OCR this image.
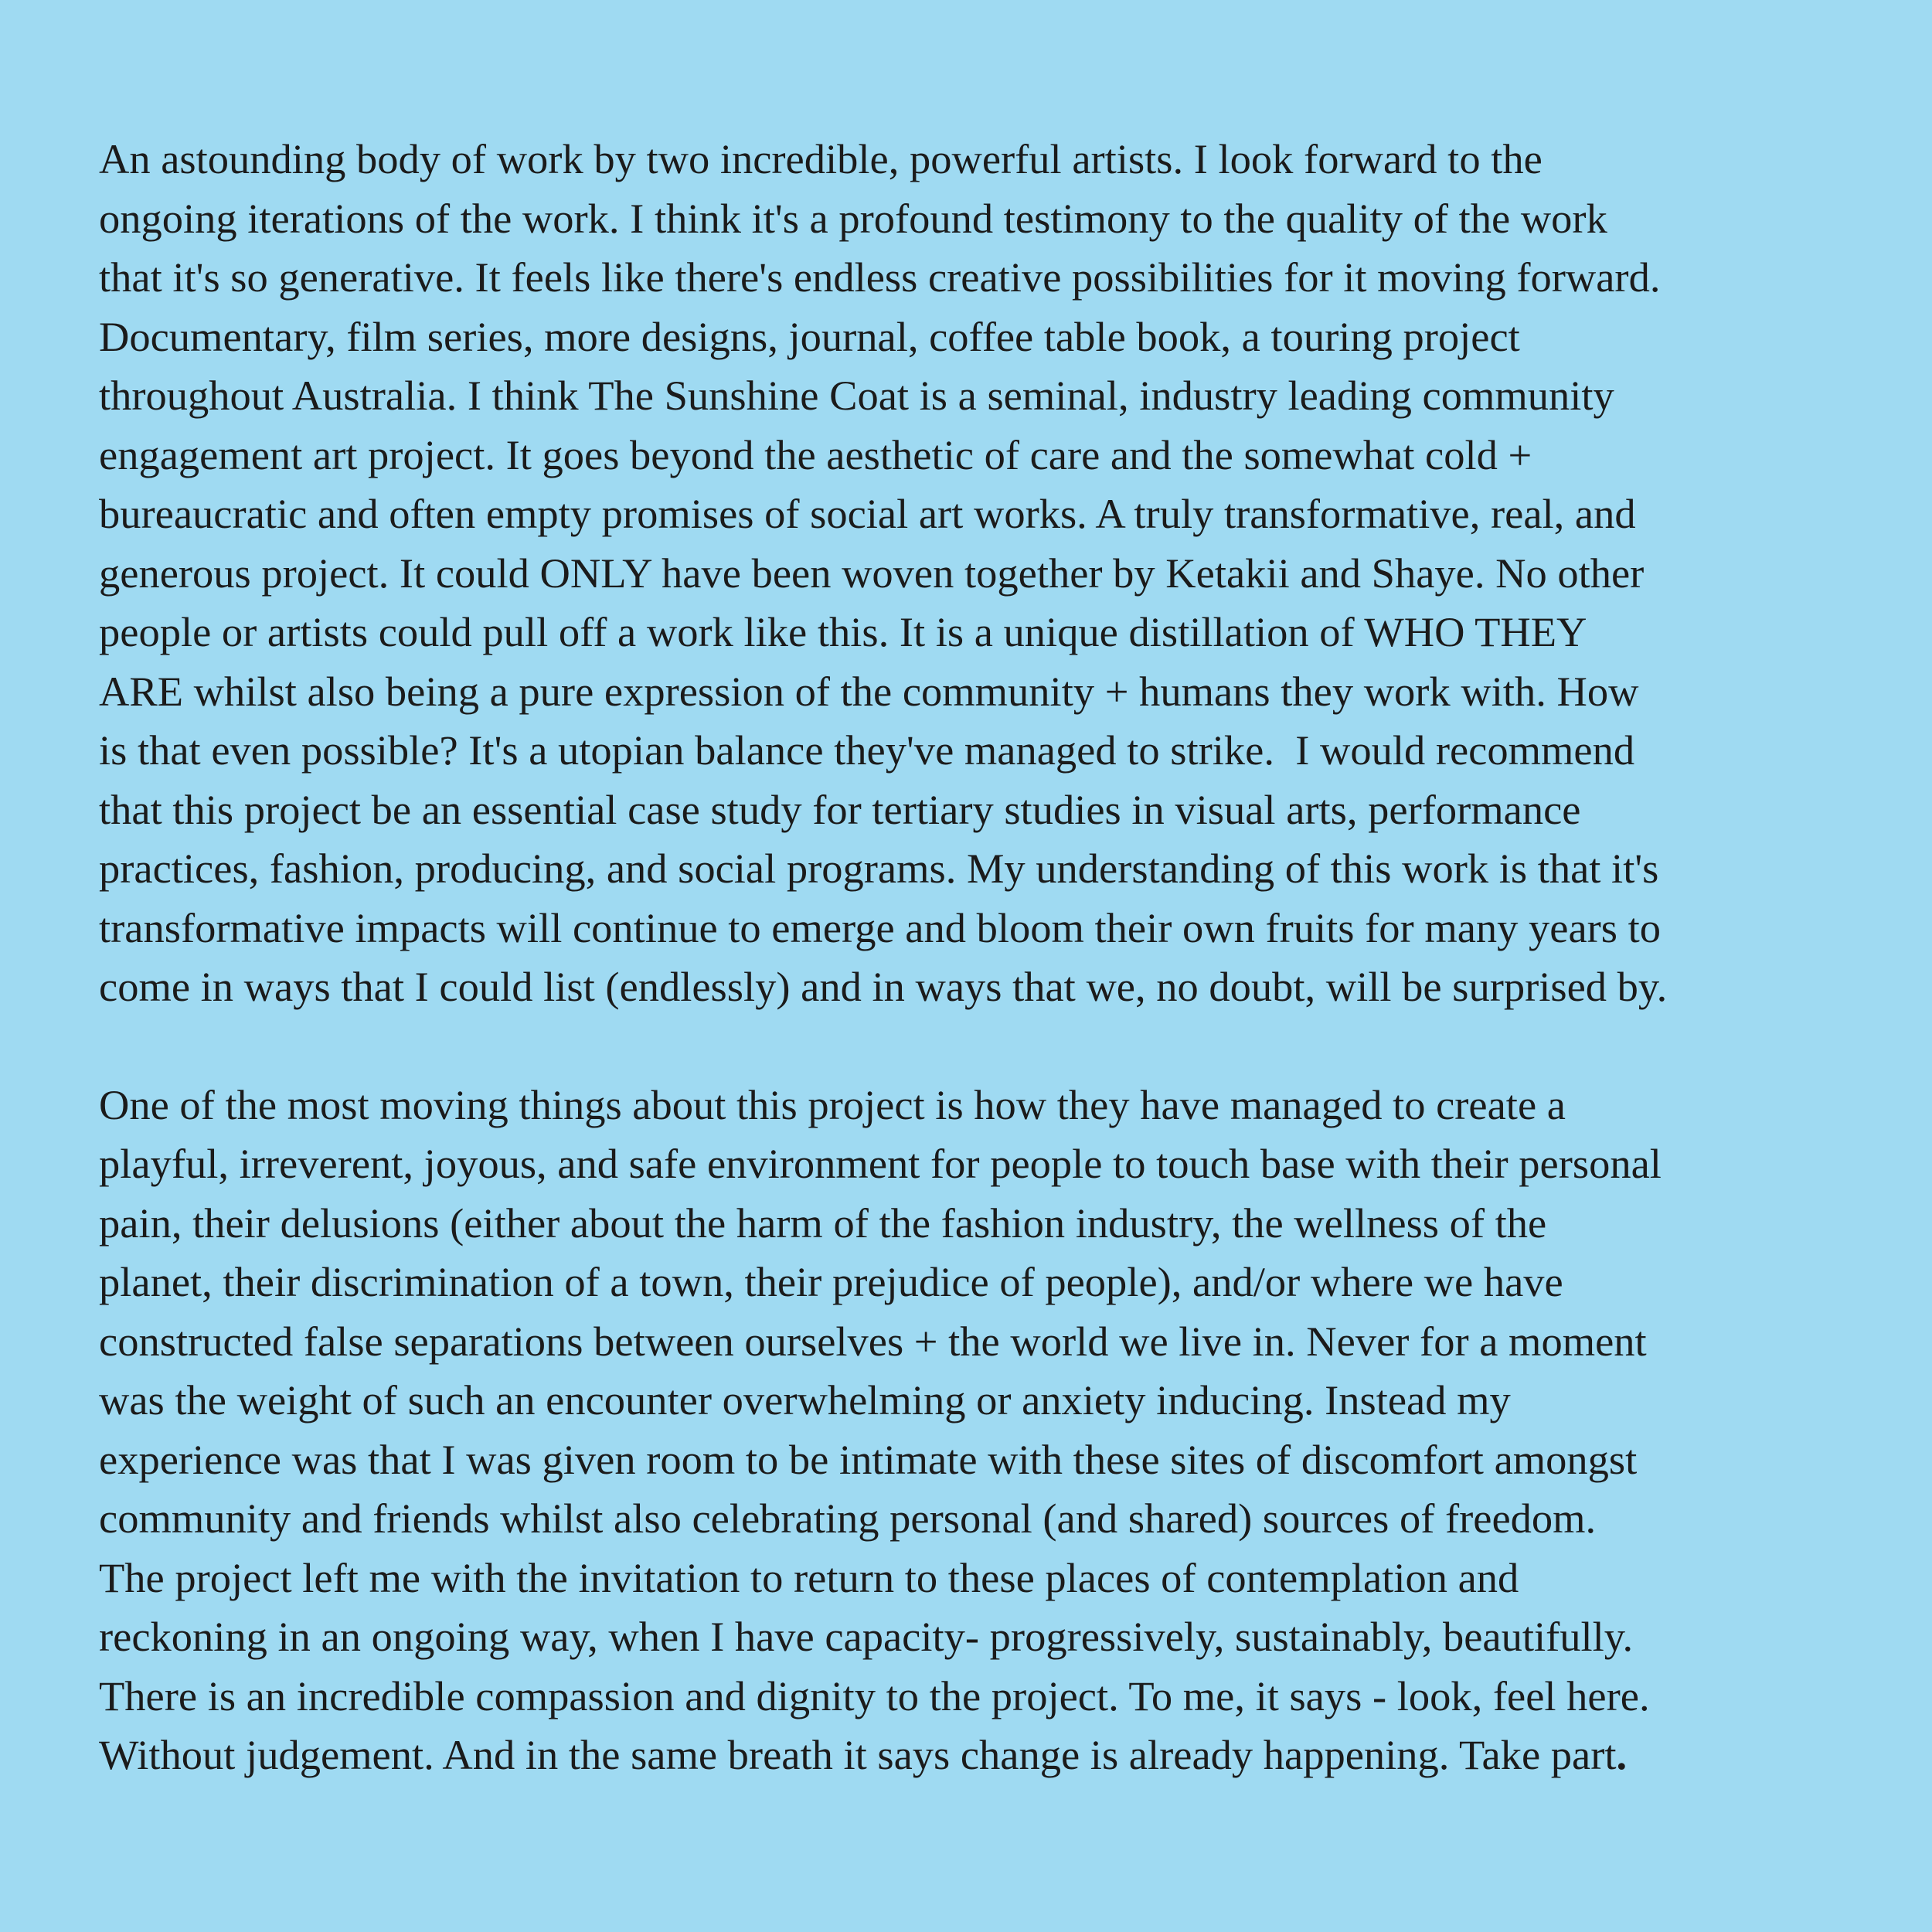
An astounding body of work by two incredible, powerful artists. I look forward to the
ongoing iterations of the work. I think it's a profound testimony to the quality of the work
that it's so generative. It feels like there's endless creative possibilities for it moving forward.
Documentary, film series, more designs, journal, coffee table book, a touring project
throughout Australia. I think The Sunshine Coat is a seminal, industry leading community
engagement art project. It goes beyond the aesthetic of care and the somewhat cold +
bureaucratic and often empty promises of social art works. A truly transformative, real, and
generous project. It could ONLY have been woven together by Ketakii and Shaye. No other
people or artists could pull off a work like this. It is a unique distillation of WHO THEY
ARE whilst also being a pure expression of the community + humans they work with. How
is that even possible? It's a utopian balance they've managed to strike.  I would recommend
that this project be an essential case study for tertiary studies in visual arts, performance
practices, fashion, producing, and social programs. My understanding of this work is that it's
transformative impacts will continue to emerge and bloom their own fruits for many years to
come in ways that I could list (endlessly) and in ways that we, no doubt, will be surprised by.

One of the most moving things about this project is how they have managed to create a
playful, irreverent, joyous, and safe environment for people to touch base with their personal
pain, their delusions (either about the harm of the fashion industry, the wellness of the
planet, their discrimination of a town, their prejudice of people), and/or where we have
constructed false separations between ourselves + the world we live in. Never for a moment
was the weight of such an encounter overwhelming or anxiety inducing. Instead my
experience was that I was given room to be intimate with these sites of discomfort amongst
community and friends whilst also celebrating personal (and shared) sources of freedom.
The project left me with the invitation to return to these places of contemplation and
reckoning in an ongoing way, when I have capacity- progressively, sustainably, beautifully.
There is an incredible compassion and dignity to the project. To me, it says - look, feel here.
Without judgement. And in the same breath it says change is already happening. Take part.
